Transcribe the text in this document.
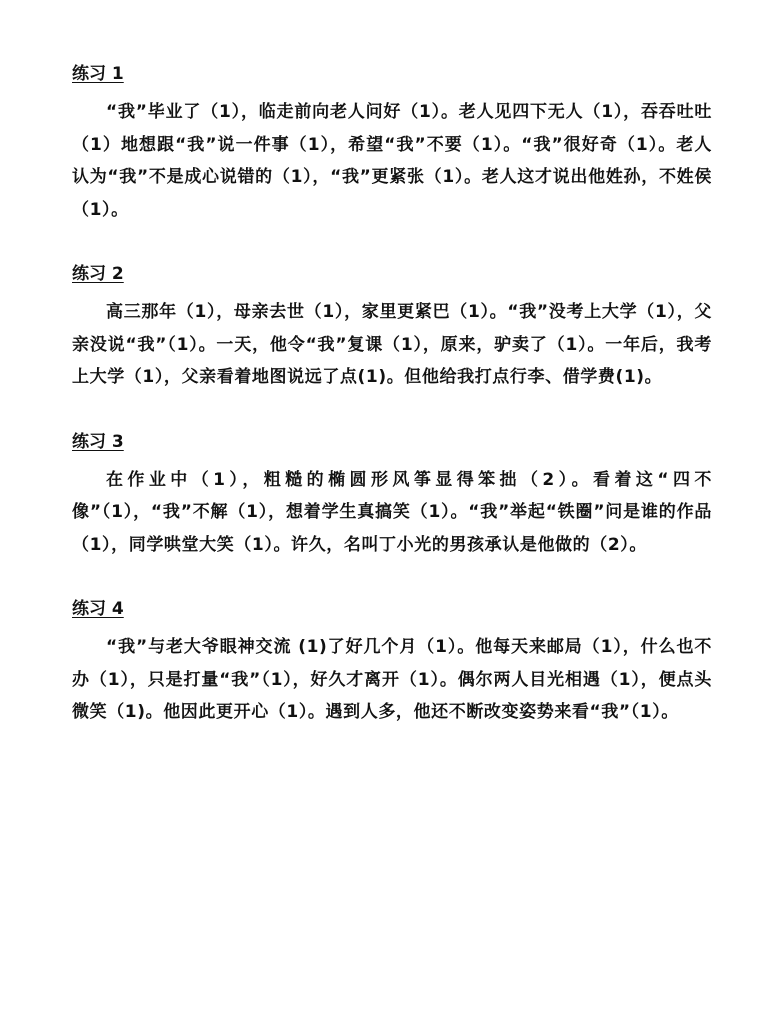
练习 1

“我”毕业了（1），临走前向老人问好（1）。老人见四下无人（1），吞吞吐吐（1）地想跟“我”说一件事（1），希望“我”不要（1）。“我”很好奇（1）。老人认为“我”不是成心说错的（1），“我”更紧张（1）。老人这才说出他姓孙，不姓侯（1）。

练习 2

高三那年（1），母亲去世（1），家里更紧巴（1）。“我”没考上大学（1），父亲没说“我”（1）。一天，他令“我”复课（1），原来，驴卖了（1）。一年后，我考上大学（1），父亲看着地图说远了点(1)。但他给我打点行李、借学费(1)。

练习 3

在作业中（1），粗糙的椭圆形风筝显得笨拙（2）。看着这“四不像”（1），“我”不解（1），想着学生真搞笑（1）。“我”举起“铁圈”问是谁的作品（1），同学哄堂大笑（1）。许久，名叫丁小光的男孩承认是他做的（2）。

练习 4

“我”与老大爷眼神交流 (1)了好几个月（1）。他每天来邮局（1），什么也不办（1），只是打量“我”（1），好久才离开（1）。偶尔两人目光相遇（1），便点头微笑（1)。他因此更开心（1）。遇到人多，他还不断改变姿势来看“我”（1）。
